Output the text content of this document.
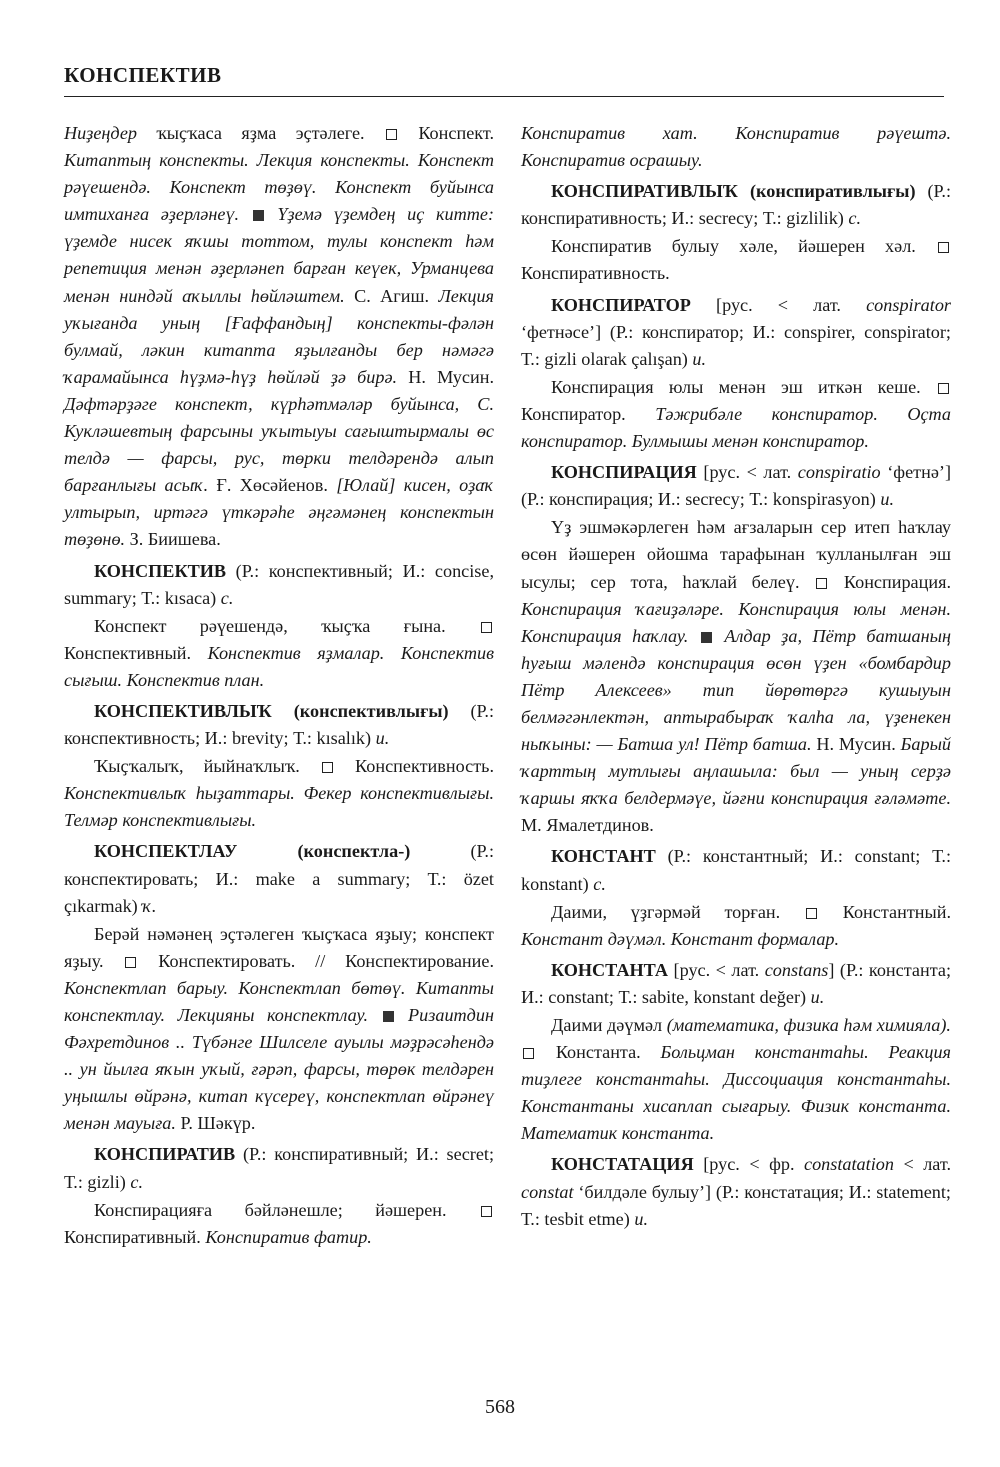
КОНСПЕКТИВ

Ниҙеңдер ҡыҫҡаса яҙма эҫтәлеге.  Конспект. Китаптың конспекты. Лекция конспекты. Конспект рәүешендә. Конспект төҙөү. Конспект буйынса имтиханға әҙерләнеү. Үҙемә үҙемдең иҫ китте: үҙемде нисек яҡшы тоттом, тулы конспект һәм репетиция менән әҙерләнеп барған кеүек, Урманцева менән ниндәй аҡыллы һөйләштем. С. Агиш. Лекция уҡығанда уның [Ғаффандың] конспекты-фәлән булмай, ләкин китапта яҙылғанды бер нәмәгә ҡарамайынса һүҙмә-һүҙ һөйләй ҙә бирә. Н. Мусин. Дәфтәрҙәге конспект, күрһәтмәләр буйынса, С. Кукләшевтың фарсыны уҡытыуы сағыштырмалы өс телдә — фарсы, рус, төрки телдәрендә алып барғанлығы асыҡ. Ғ. Хөсәйенов. [Юлай] кисен, оҙаҡ ултырып, иртәгә үткәрәһе әңгәмәнең конспектын төҙөнө. З. Биишева.

КОНСПЕКТИВ (Р.: конспективный; И.: concise, summary; Т.: kısaca) с.

Конспект рәүешендә, ҡыҫҡа ғына.  Конспективный. Конспектив яҙмалар. Конспектив сығыш. Конспектив план.

КОНСПЕКТИВЛЫҠ (конспективлығы) (Р.: конспективность; И.: brevity; Т.: kısalık) и.

Ҡыҫҡалыҡ, йыйнаҡлыҡ.  Конспективность. Конспективлыҡ һыҙаттары. Фекер конспективлығы. Телмәр конспективлығы.

КОНСПЕКТЛАУ (конспектла-) (Р.: конспектировать; И.: make a summary; Т.: özet çıkarmak) ҡ.

Берәй нәмәнең эҫтәлеген ҡыҫҡаса яҙыу; конспект яҙыу.  Конспектировать. // Конспектирование. Конспектлап барыу. Конспектлап бөтөү. Китапты конспектлау. Лекцияны конспектлау. Ризаитдин Фәхретдинов .. Түбәнге Шилселе ауылы мәҙрәсәһендә .. ун йылға яҡын уҡый, ғәрәп, фарсы, төрөк телдәрен уңышлы өйрәнә, китап күсереү, конспектлап өйрәнеү менән мауыға. Р. Шәкүр.

КОНСПИРАТИВ (Р.: конспиративный; И.: secret; Т.: gizli) с.

Конспирацияға бәйләнешле; йәшерен.  Конспиративный. Конспиратив фатир.

Конспиратив хат. Конспиратив рәүештә. Конспиратив осрашыу.

КОНСПИРАТИВЛЫҠ (конспиративлығы) (Р.: конспиративность; И.: secrecy; Т.: gizlilik) с.

Конспиратив булыу хәле, йәшерен хәл.  Конспиративность.

КОНСПИРАТОР [рус. < лат. conspirator ‘фетнәсе’] (Р.: конспиратор; И.: conspirer, conspirator; Т.: gizli olarak çalışan) и.

Конспирация юлы менән эш иткән кеше.  Конспиратор. Тәжрибәле конспиратор. Оҫта конспиратор. Булмышы менән конспиратор.

КОНСПИРАЦИЯ [рус. < лат. conspiratio ‘фетнә’] (Р.: конспирация; И.: secrecy; Т.: konspirasyon) и.

Үҙ эшмәкәрлеген һәм ағзаларын сер итеп һаҡлау өсөн йәшерен ойошма тарафынан ҡулланылған эш ысулы; сер тота, һаҡлай белеү.  Конспирация. Конспирация ҡағиҙәләре. Конспирация юлы менән. Конспирация һаҡлау. Алдар ҙа, Пётр батшаның һуғыш мәлендә конспирация өсөн үҙен «бомбардир Пётр Алексеев» тип йөрөтөргә кушыуын белмәгәнлектән, аптырабыраҡ ҡалһа ла, үҙенекен ныҡыны: — Батша ул! Пётр батша. Н. Мусин. Барый ҡарттың мутлығы аңлашыла: был — уның серҙә ҡаршы яҡҡа белдермәүе, йәғни конспирация ғәләмәте. М. Ямалетдинов.

КОНСТАНТ (Р.: константный; И.: constant; Т.: konstant) с.

Даими, үҙгәрмәй торған.  Константный. Констант дәүмәл. Констант формалар.

КОНСТАНТА [рус. < лат. constans] (Р.: константа; И.: constant; Т.: sabite, konstant değer) и.

Даими дәүмәл (математика, физика һәм химияла).  Константа. Больцман константаһы. Реакция тиҙлеге константаһы. Диссоциация константаһы. Константаны хисаплап сығарыу. Физик константа. Математик константа.

КОНСТАТАЦИЯ [рус. < фр. constatation < лат. constat ‘билдәле булыу’] (Р.: констатация; И.: statement; Т.: tesbit etme) и.

568
